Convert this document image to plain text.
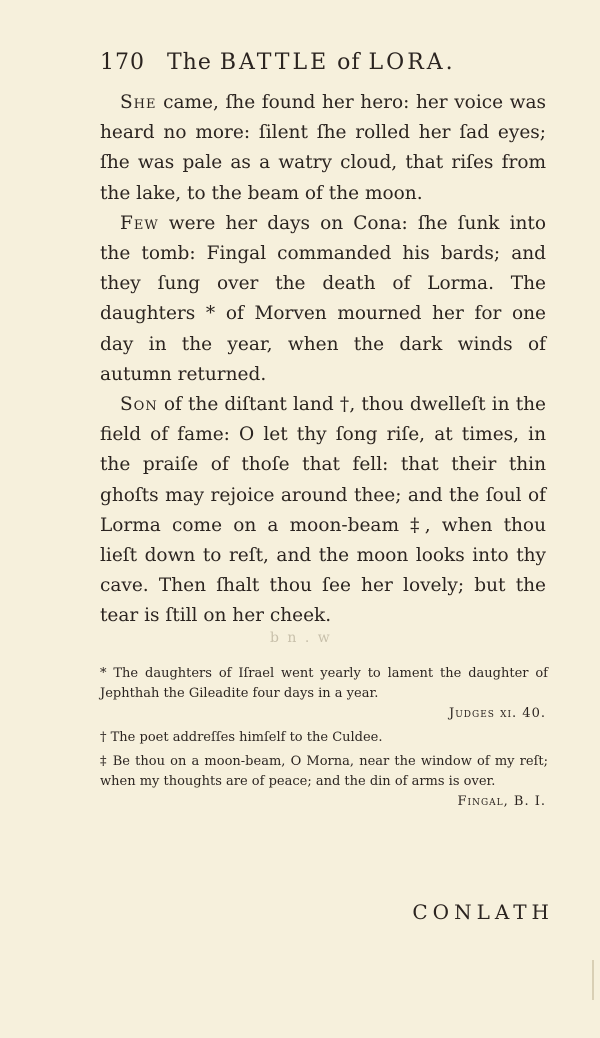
170 The BATTLE of LORA.

She came, ſhe found her hero: her voice was heard no more: ſilent ſhe rolled her ſad eyes; ſhe was pale as a watry cloud, that riſes from the lake, to the beam of the moon.

Few were her days on Cona: ſhe ſunk into the tomb: Fingal commanded his bards; and they ſung over the death of Lorma. The daughters * of Morven mourned her for one day in the year, when the dark winds of autumn returned.

Son of the diſtant land †, thou dwelleſt in the field of fame: O let thy ſong riſe, at times, in the praiſe of thoſe that fell: that their thin ghoſts may rejoice around thee; and the ſoul of Lorma come on a moon-beam ‡, when thou lieſt down to reſt, and the moon looks into thy cave. Then ſhalt thou ſee her lovely; but the tear is ſtill on her cheek.

b n . w

* The daughters of Iſrael went yearly to lament the daughter of Jephthah the Gileadite four days in a year.

Judges xi. 40.

† The poet addreſſes himſelf to the Culdee.

‡ Be thou on a moon-beam, O Morna, near the window of my reſt; when my thoughts are of peace; and the din of arms is over.

Fingal, B. I.

CONLATH
